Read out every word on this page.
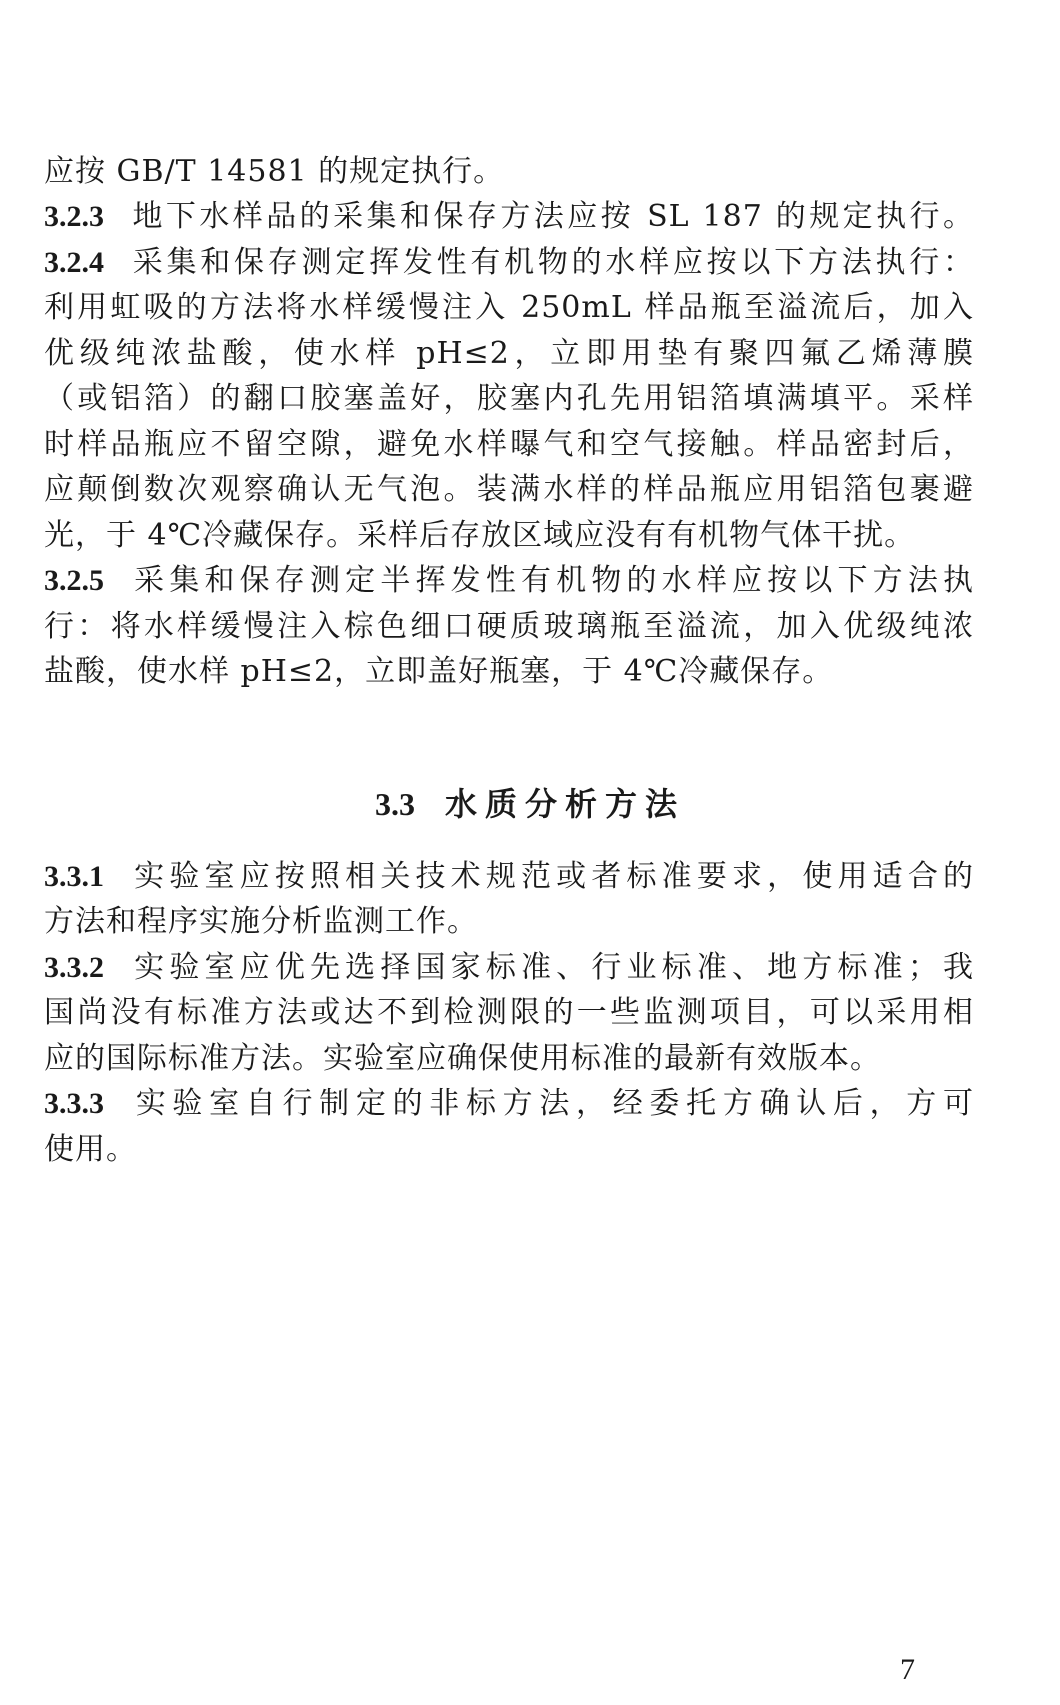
应按 GB/T 14581 的规定执行。
3.2.3 地下水样品的采集和保存方法应按 SL 187 的规定执行。
3.2.4 采集和保存测定挥发性有机物的水样应按以下方法执行：
利用虹吸的方法将水样缓慢注入 250mL 样品瓶至溢流后，加入
优级纯浓盐酸，使水样 pH≤2，立即用垫有聚四氟乙烯薄膜
（或铝箔）的翻口胶塞盖好，胶塞内孔先用铝箔填满填平。采样
时样品瓶应不留空隙，避免水样曝气和空气接触。样品密封后，
应颠倒数次观察确认无气泡。装满水样的样品瓶应用铝箔包裹避
光，于 4℃冷藏保存。采样后存放区域应没有有机物气体干扰。
3.2.5 采集和保存测定半挥发性有机物的水样应按以下方法执
行：将水样缓慢注入棕色细口硬质玻璃瓶至溢流，加入优级纯浓
盐酸，使水样 pH≤2，立即盖好瓶塞，于 4℃冷藏保存。
3.3 水质分析方法
3.3.1 实验室应按照相关技术规范或者标准要求，使用适合的
方法和程序实施分析监测工作。
3.3.2 实验室应优先选择国家标准、行业标准、地方标准；我
国尚没有标准方法或达不到检测限的一些监测项目，可以采用相
应的国际标准方法。实验室应确保使用标准的最新有效版本。
3.3.3 实验室自行制定的非标方法，经委托方确认后，方可
使用。
7
